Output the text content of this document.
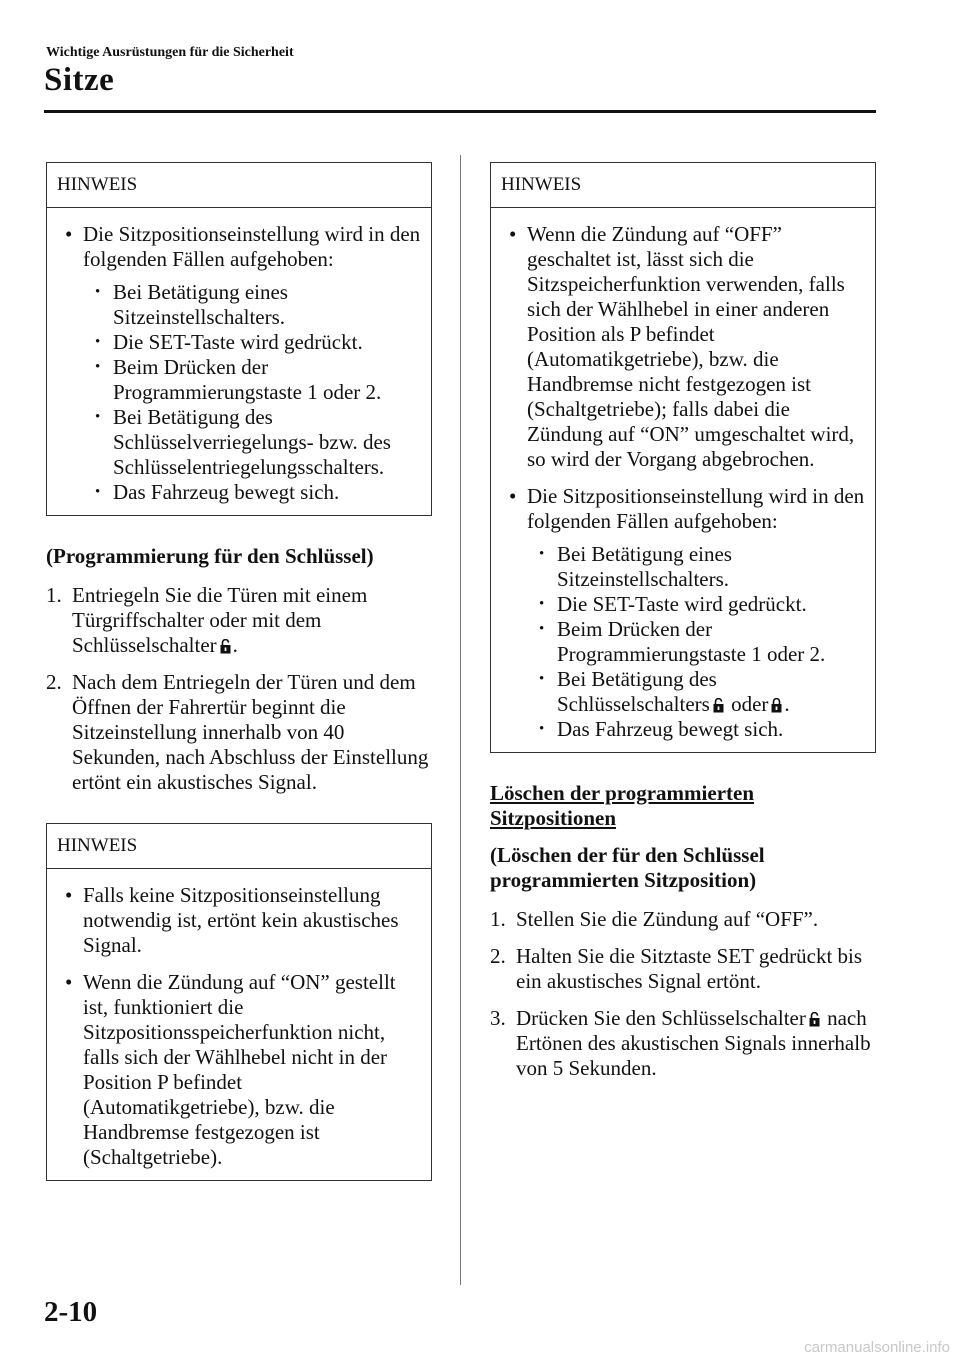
Wichtige Ausrüstungen für die Sicherheit
Sitze
HINWEIS
• Die Sitzpositionseinstellung wird in den folgenden Fällen aufgehoben:
• Bei Betätigung eines Sitzeinstellschalters.
• Die SET-Taste wird gedrückt.
• Beim Drücken der Programmierungstaste 1 oder 2.
• Bei Betätigung des Schlüsselverriegelungs- bzw. des Schlüsselentriegelungsschalters.
• Das Fahrzeug bewegt sich.
(Programmierung für den Schlüssel)
1. Entriegeln Sie die Türen mit einem Türgriffschalter oder mit dem Schlüsselschalter .
2. Nach dem Entriegeln der Türen und dem Öffnen der Fahrertür beginnt die Sitzeinstellung innerhalb von 40 Sekunden, nach Abschluss der Einstellung ertönt ein akustisches Signal.
HINWEIS
• Falls keine Sitzpositionseinstellung notwendig ist, ertönt kein akustisches Signal.
• Wenn die Zündung auf “ON” gestellt ist, funktioniert die Sitzpositionsspeicherfunktion nicht, falls sich der Wählhebel nicht in der Position P befindet (Automatikgetriebe), bzw. die Handbremse festgezogen ist (Schaltgetriebe).
HINWEIS
• Wenn die Zündung auf “OFF” geschaltet ist, lässt sich die Sitzspeicherfunktion verwenden, falls sich der Wählhebel in einer anderen Position als P befindet (Automatikgetriebe), bzw. die Handbremse nicht festgezogen ist (Schaltgetriebe); falls dabei die Zündung auf “ON” umgeschaltet wird, so wird der Vorgang abgebrochen.
• Die Sitzpositionseinstellung wird in den folgenden Fällen aufgehoben:
• Bei Betätigung eines Sitzeinstellschalters.
• Die SET-Taste wird gedrückt.
• Beim Drücken der Programmierungstaste 1 oder 2.
• Bei Betätigung des Schlüsselschalters oder .
• Das Fahrzeug bewegt sich.
Löschen der programmierten Sitzpositionen
(Löschen der für den Schlüssel programmierten Sitzposition)
1. Stellen Sie die Zündung auf “OFF”.
2. Halten Sie die Sitztaste SET gedrückt bis ein akustisches Signal ertönt.
3. Drücken Sie den Schlüsselschalter nach Ertönen des akustischen Signals innerhalb von 5 Sekunden.
2-10
carmanualsonline.info
